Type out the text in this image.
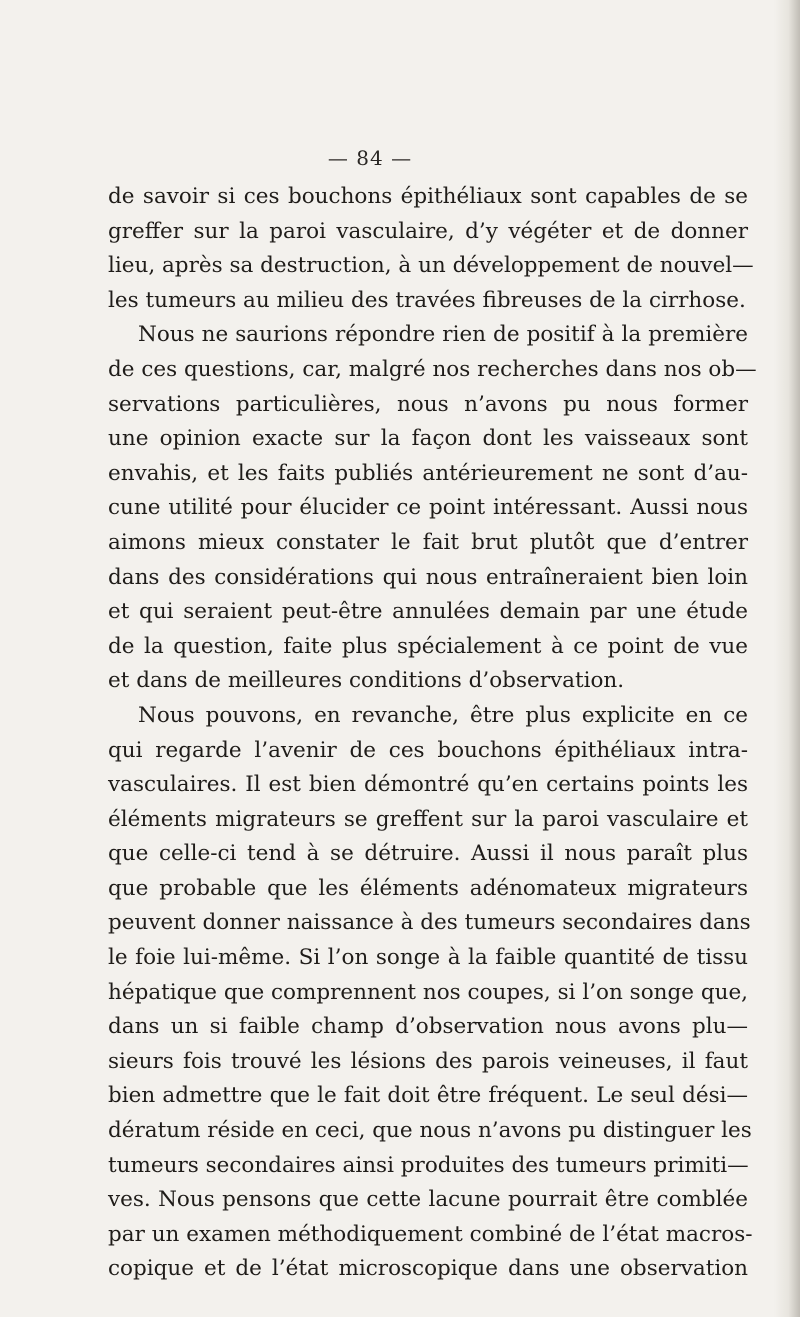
— 84 —
de savoir si ces bouchons épithéliaux sont capables de se
greffer sur la paroi vasculaire, d’y végéter et de donner
lieu, après sa destruction, à un développement de nouvel—
les tumeurs au milieu des travées fibreuses de la cirrhose.
Nous ne saurions répondre rien de positif à la première
de ces questions, car, malgré nos recherches dans nos ob—
servations particulières, nous n’avons pu nous former
une opinion exacte sur la façon dont les vaisseaux sont
envahis, et les faits publiés antérieurement ne sont d’au-
cune utilité pour élucider ce point intéressant. Aussi nous
aimons mieux constater le fait brut plutôt que d’entrer
dans des considérations qui nous entraîneraient bien loin
et qui seraient peut-être annulées demain par une étude
de la question, faite plus spécialement à ce point de vue
et dans de meilleures conditions d’observation.
Nous pouvons, en revanche, être plus explicite en ce
qui regarde l’avenir de ces bouchons épithéliaux intra-
vasculaires. Il est bien démontré qu’en certains points les
éléments migrateurs se greffent sur la paroi vasculaire et
que celle-ci tend à se détruire. Aussi il nous paraît plus
que probable que les éléments adénomateux migrateurs
peuvent donner naissance à des tumeurs secondaires dans
le foie lui-même. Si l’on songe à la faible quantité de tissu
hépatique que comprennent nos coupes, si l’on songe que,
dans un si faible champ d’observation nous avons plu—
sieurs fois trouvé les lésions des parois veineuses, il faut
bien admettre que le fait doit être fréquent. Le seul dési—
dératum réside en ceci, que nous n’avons pu distinguer les
tumeurs secondaires ainsi produites des tumeurs primiti—
ves. Nous pensons que cette lacune pourrait être comblée
par un examen méthodiquement combiné de l’état macros-
copique et de l’état microscopique dans une observation
